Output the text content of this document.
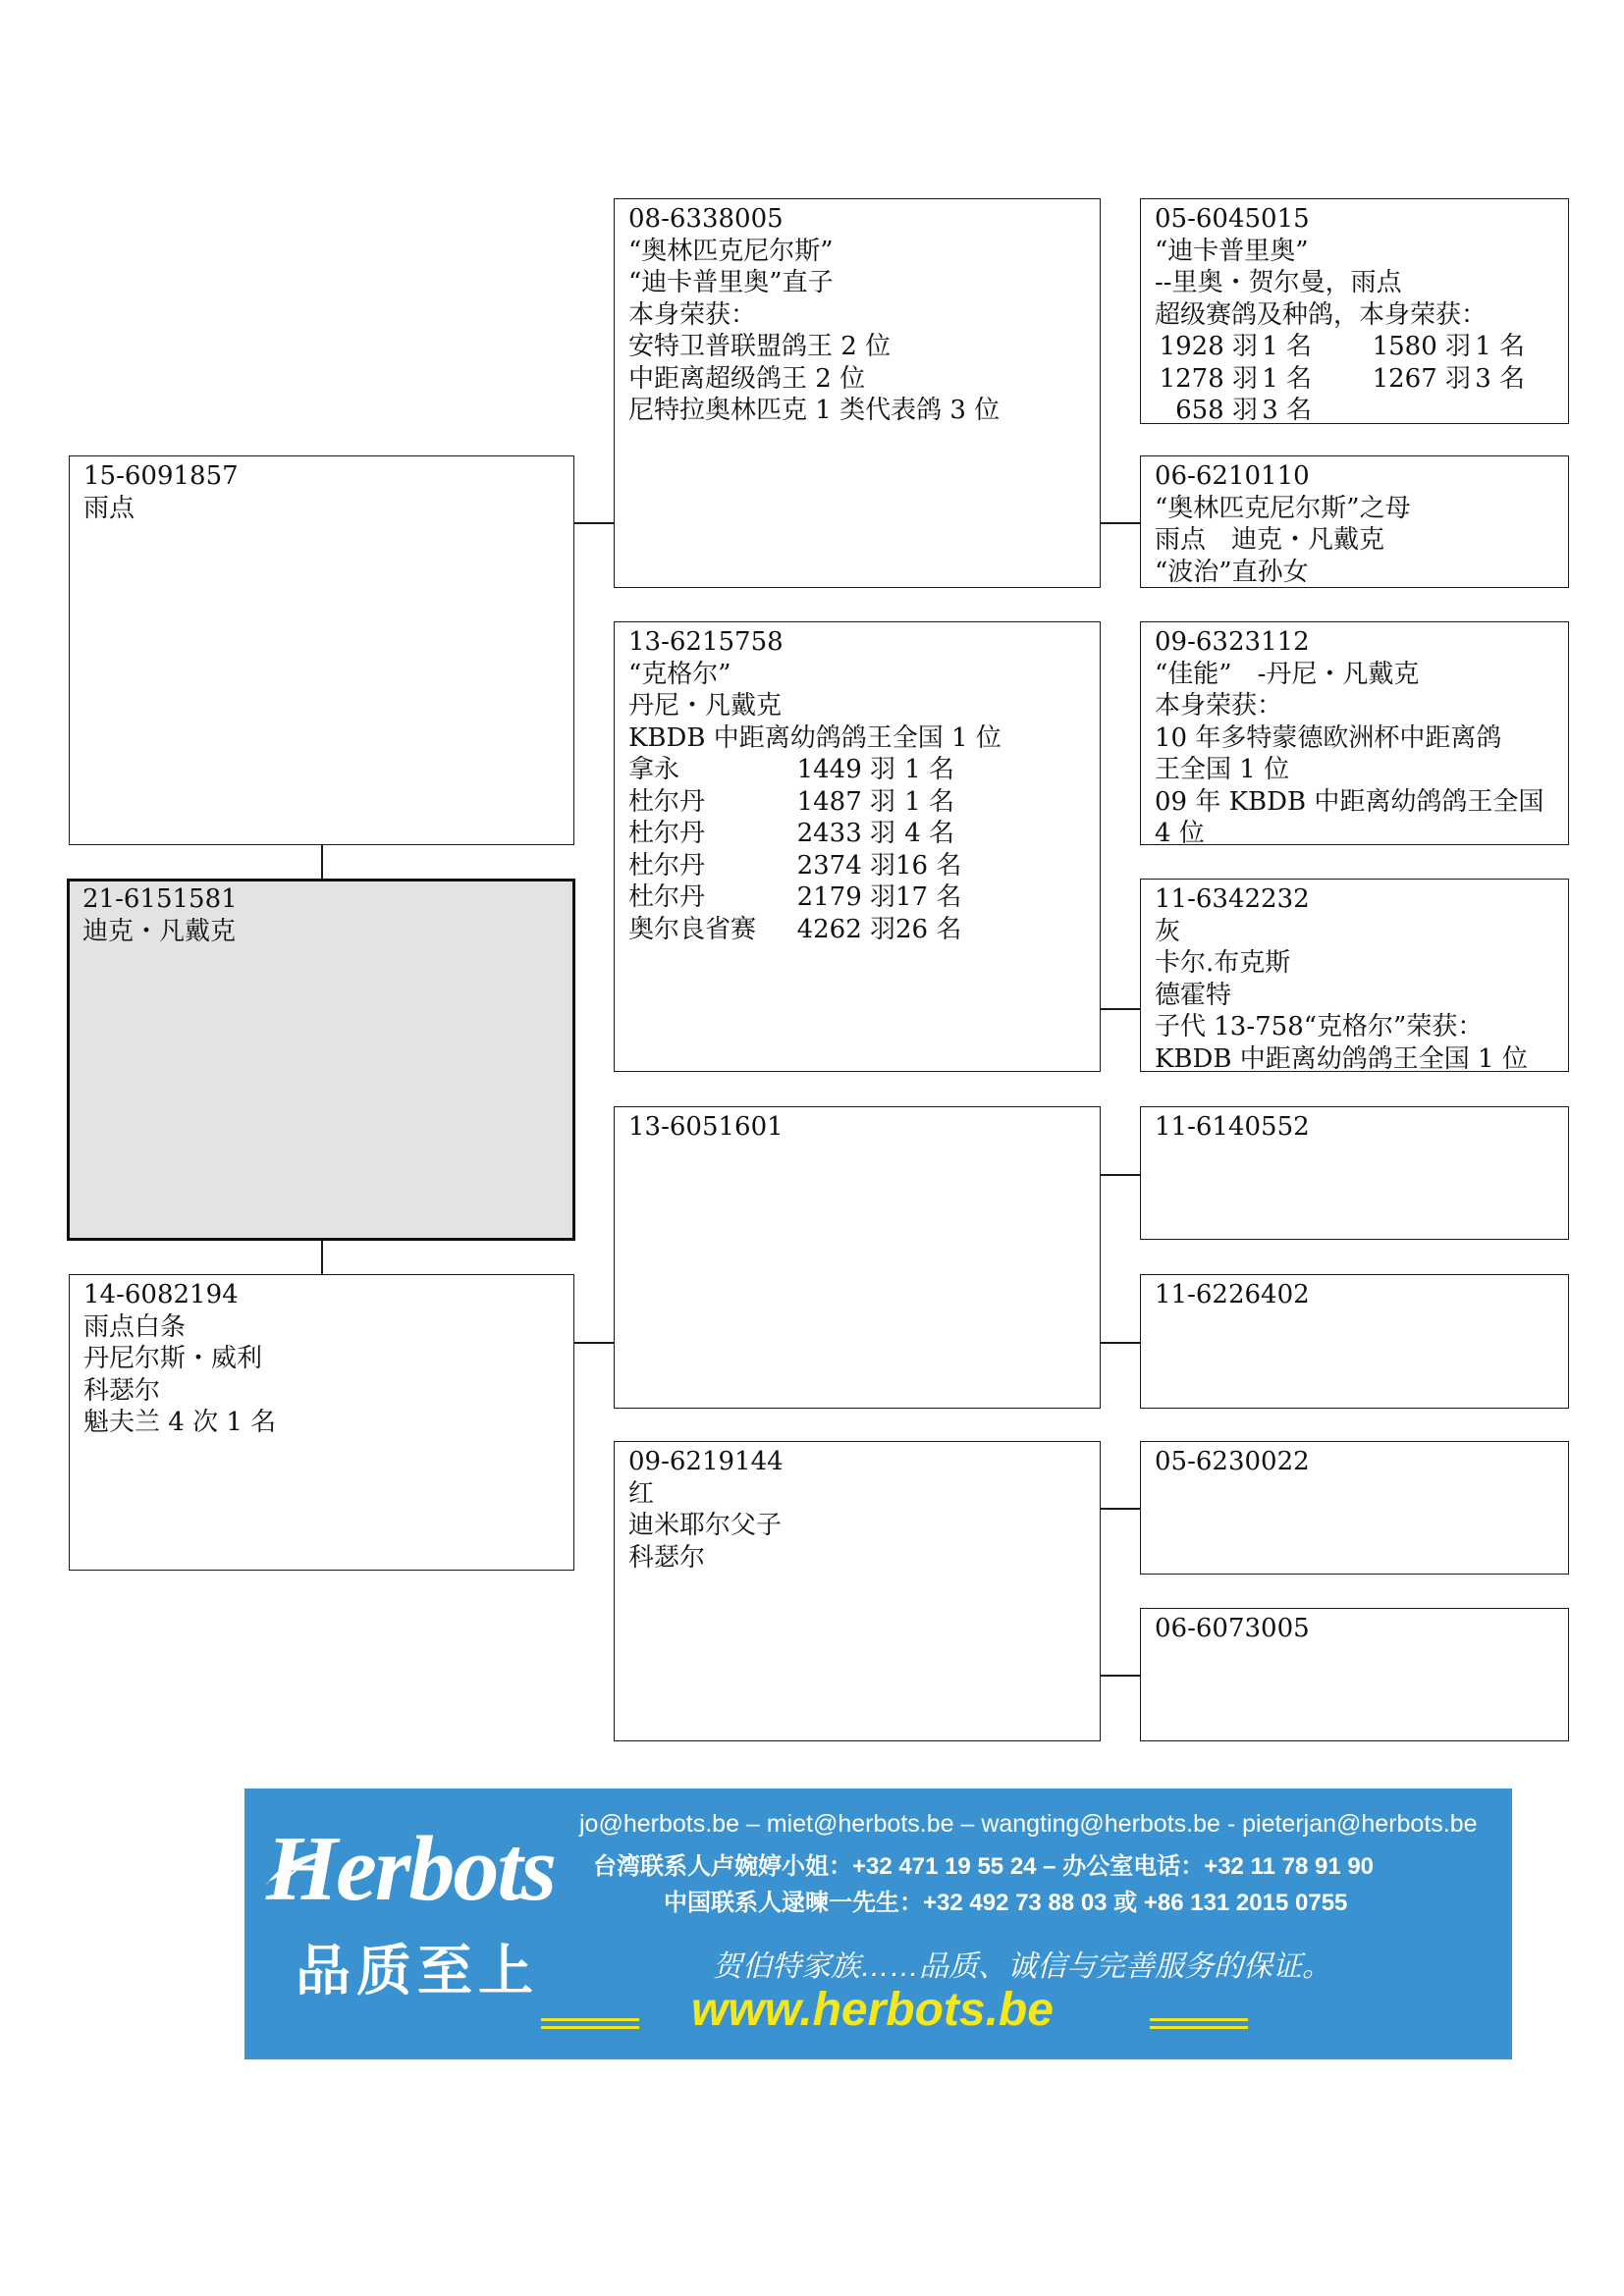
15-6091857
雨点
21-6151581
迪克・凡戴克
14-6082194
雨点白条
丹尼尔斯・威利
科瑟尔
魁夫兰 4 次 1 名
08-6338005
“奥林匹克尼尔斯”
“迪卡普里奥”直子
本身荣获：
安特卫普联盟鸽王 2 位
中距离超级鸽王 2 位
尼特拉奥林匹克 1 类代表鸽 3 位
13-6215758
“克格尔”
丹尼・凡戴克
KBDB 中距离幼鸽鸽王全国 1 位
拿永	1449 羽 1 名
杜尔丹	1487 羽 1 名
杜尔丹	2433 羽 4 名
杜尔丹	2374 羽 16 名
杜尔丹	2179 羽 17 名
奥尔良省赛	4262 羽 26 名
13-6051601
09-6219144
红
迪米耶尔父子
科瑟尔
05-6045015
“迪卡普里奥”
--里奥・贺尔曼，雨点
超级赛鸽及种鸽，本身荣获：
1928 羽 1 名 1580 羽 1 名
1278 羽 1 名 1267 羽 3 名
658 羽 3 名
06-6210110
“奥林匹克尼尔斯”之母
雨点　迪克・凡戴克
“波治”直孙女
09-6323112
“佳能”　-丹尼・凡戴克
本身荣获：
10 年多特蒙德欧洲杯中距离鸽
王全国 1 位
09 年 KBDB 中距离幼鸽鸽王全国
4 位
11-6342232
灰
卡尔.布克斯
德霍特
子代 13-758“克格尔”荣获：
KBDB 中距离幼鸽鸽王全国 1 位
11-6140552
11-6226402
05-6230022
06-6073005
Herbots
品质至上
jo@herbots.be – miet@herbots.be – wangting@herbots.be - pieterjan@herbots.be
台湾联系人卢婉婷小姐：+32 471 19 55 24 – 办公室电话：+32 11 78 91 90
中国联系人逯暕一先生：+32 492 73 88 03 或 +86 131 2015 0755
贺伯特家族……品质、诚信与完善服务的保证。
www.herbots.be
